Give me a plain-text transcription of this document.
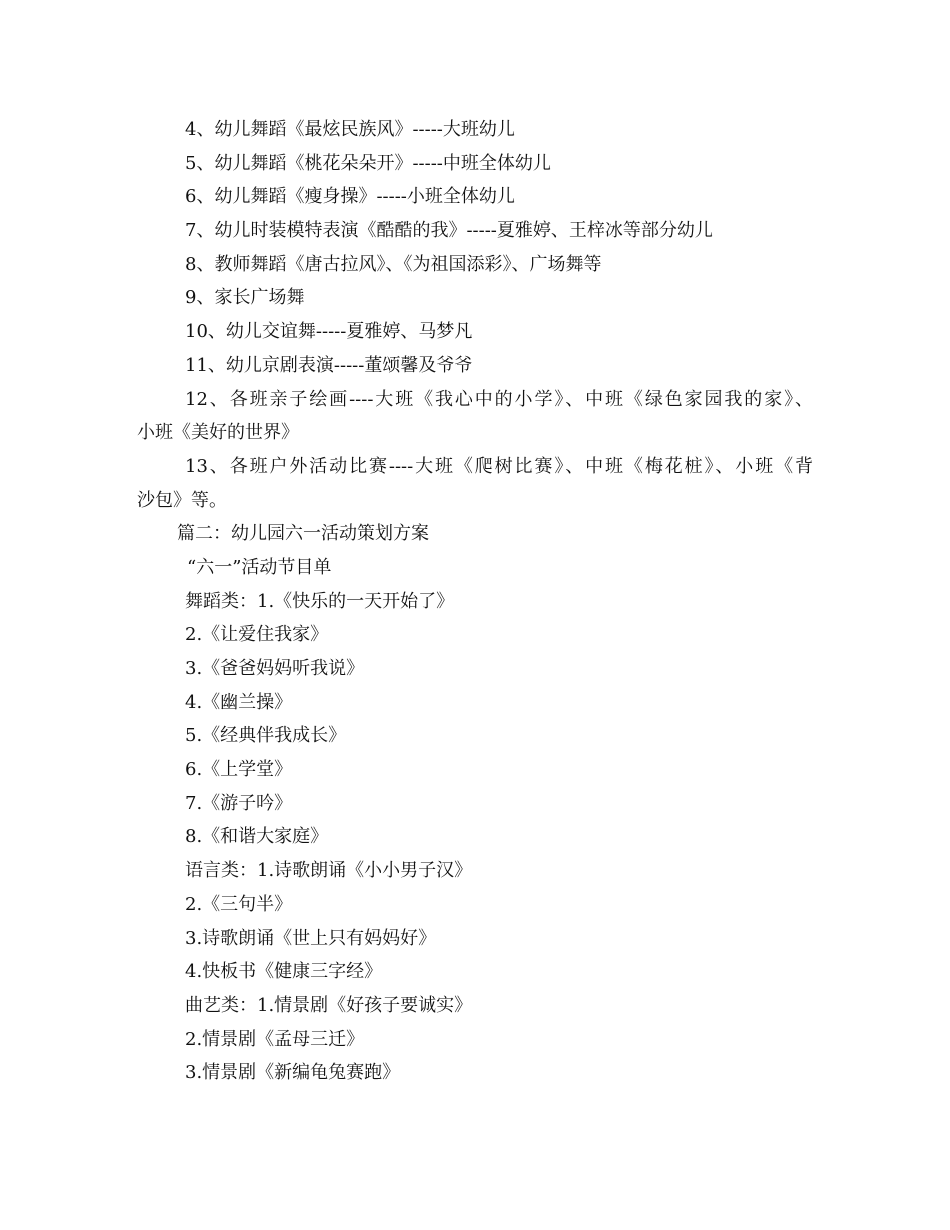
4、幼儿舞蹈《最炫民族风》-----大班幼儿
5、幼儿舞蹈《桃花朵朵开》-----中班全体幼儿
6、幼儿舞蹈《瘦身操》-----小班全体幼儿
7、幼儿时装模特表演《酷酷的我》-----夏雅婷、王梓冰等部分幼儿
8、教师舞蹈《唐古拉风》、《为祖国添彩》、广场舞等
9、家长广场舞
10、幼儿交谊舞-----夏雅婷、马梦凡
11、幼儿京剧表演-----董颂馨及爷爷
12、各班亲子绘画----大班《我心中的小学》、中班《绿色家园我的家》、
小班《美好的世界》
13、各班户外活动比赛----大班《爬树比赛》、中班《梅花桩》、小班《背
沙包》等。
篇二：幼儿园六一活动策划方案
“六一”活动节目单
舞蹈类：1.《快乐的一天开始了》
2.《让爱住我家》
3.《爸爸妈妈听我说》
4.《幽兰操》
5.《经典伴我成长》
6.《上学堂》
7.《游子吟》
8.《和谐大家庭》
语言类：1.诗歌朗诵《小小男子汉》
2.《三句半》
3.诗歌朗诵《世上只有妈妈好》
4.快板书《健康三字经》
曲艺类：1.情景剧《好孩子要诚实》
2.情景剧《孟母三迁》
3.情景剧《新编龟兔赛跑》
